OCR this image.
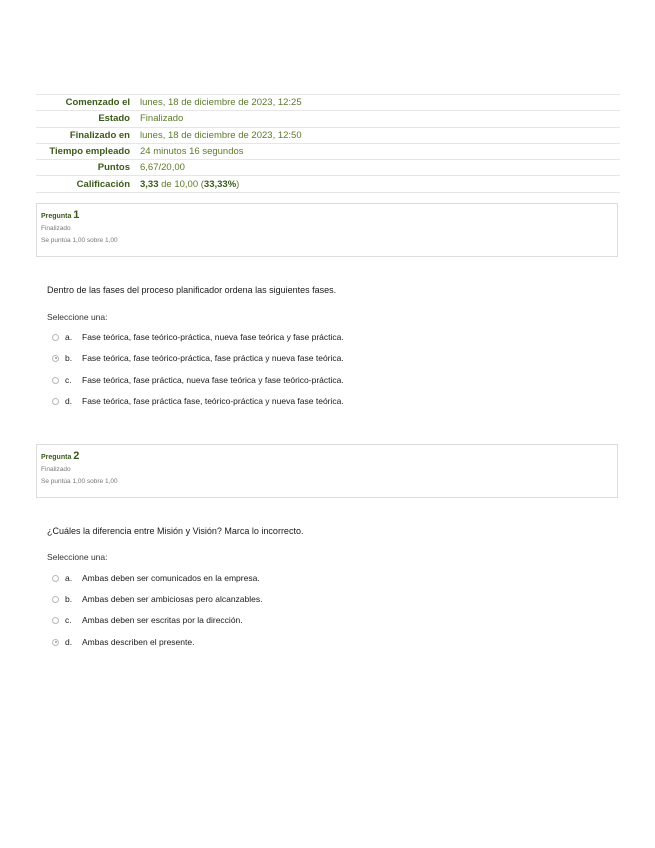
Comenzado el	lunes, 18 de diciembre de 2023, 12:25
Estado	Finalizado
Finalizado en	lunes, 18 de diciembre de 2023, 12:50
Tiempo empleado	24 minutos 16 segundos
Puntos	6,67/20,00
Calificación	3,33 de 10,00 (33,33%)
Pregunta 1
Finalizado
Se puntúa 1,00 sobre 1,00
Dentro de las fases del proceso planificador ordena las siguientes fases.
Seleccione una:
a.	Fase teórica, fase teórico-práctica, nueva fase teórica y fase práctica.
b.	Fase teórica, fase teórico-práctica, fase práctica y nueva fase teórica.
c.	Fase teórica, fase práctica, nueva fase teórica y fase teórico-práctica.
d.	Fase teórica, fase práctica fase, teórico-práctica y nueva fase teórica.
Pregunta 2
Finalizado
Se puntúa 1,00 sobre 1,00
¿Cuáles la diferencia entre Misión y Visión? Marca lo incorrecto.
Seleccione una:
a.	Ambas deben ser comunicados en la empresa.
b.	Ambas deben ser ambiciosas pero alcanzables.
c.	Ambas deben ser escritas por la dirección.
d.	Ambas describen el presente.
